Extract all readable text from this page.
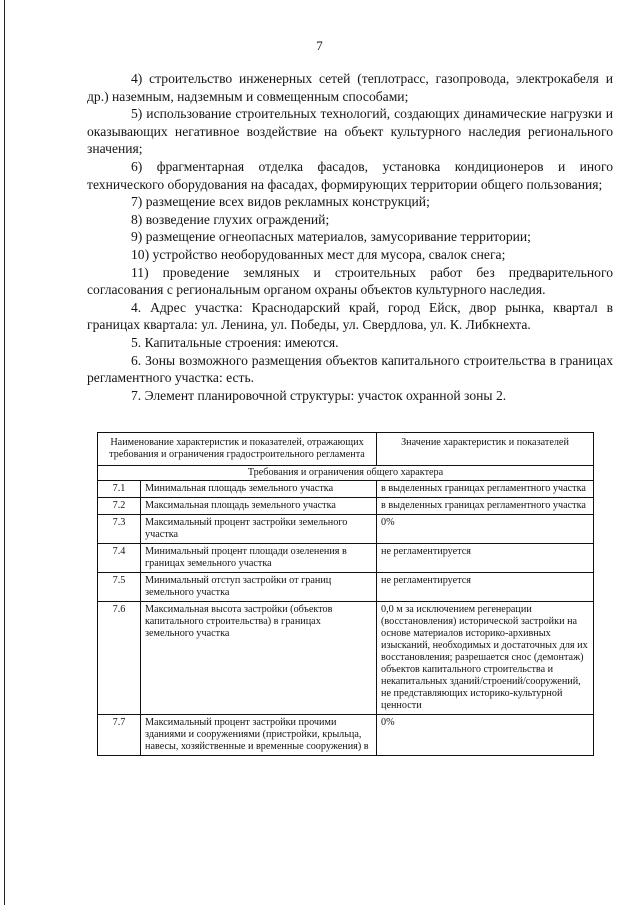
7

4) строительство инженерных сетей (теплотрасс, газопровода, электрокабеля и др.) наземным, надземным и совмещенным способами;

5) использование строительных технологий, создающих динамические нагрузки и оказывающих негативное воздействие на объект культурного наследия регионального значения;

6) фрагментарная отделка фасадов, установка кондиционеров и иного технического оборудования на фасадах, формирующих территории общего пользования;

7) размещение всех видов рекламных конструкций;

8) возведение глухих ограждений;

9) размещение огнеопасных материалов, замусоривание территории;

10) устройство необорудованных мест для мусора, свалок снега;

11) проведение земляных и строительных работ без предварительного согласования с региональным органом охраны объектов культурного наследия.

4. Адрес участка: Краснодарский край, город Ейск, двор рынка, квартал в границах квартала: ул. Ленина, ул. Победы, ул. Свердлова, ул. К. Либкнехта.

5. Капитальные строения: имеются.

6. Зоны возможного размещения объектов капитального строительства в границах регламентного участка: есть.

7. Элемент планировочной структуры: участок охранной зоны 2.

Наименование характеристик и показателей, отражающих требования и ограничения градостроительного регламента		Значение характеристик и показателей
Требования и ограничения общего характера		
7.1	Минимальная площадь земельного участка	в выделенных границах регламентного участка
7.2	Максимальная площадь земельного участка	в выделенных границах регламентного участка
7.3	Максимальный процент застройки земельного участка	0%
7.4	Минимальный процент площади озеленения в границах земельного участка	не регламентируется
7.5	Минимальный отступ застройки от границ земельного участка	не регламентируется
7.6	Максимальная высота застройки (объектов капитального строительства) в границах земельного участка	0,0 м за исключением регенерации (восстановления) исторической застройки на основе материалов историко-архивных изысканий, необходимых и достаточных для их восстановления; разрешается снос (демонтаж) объектов капитального строительства и некапитальных зданий/строений/сооружений, не представляющих историко-культурной ценности
7.7	Максимальный процент застройки прочими зданиями и сооружениями (пристройки, крыльца, навесы, хозяйственные и временные сооружения) в	0%
